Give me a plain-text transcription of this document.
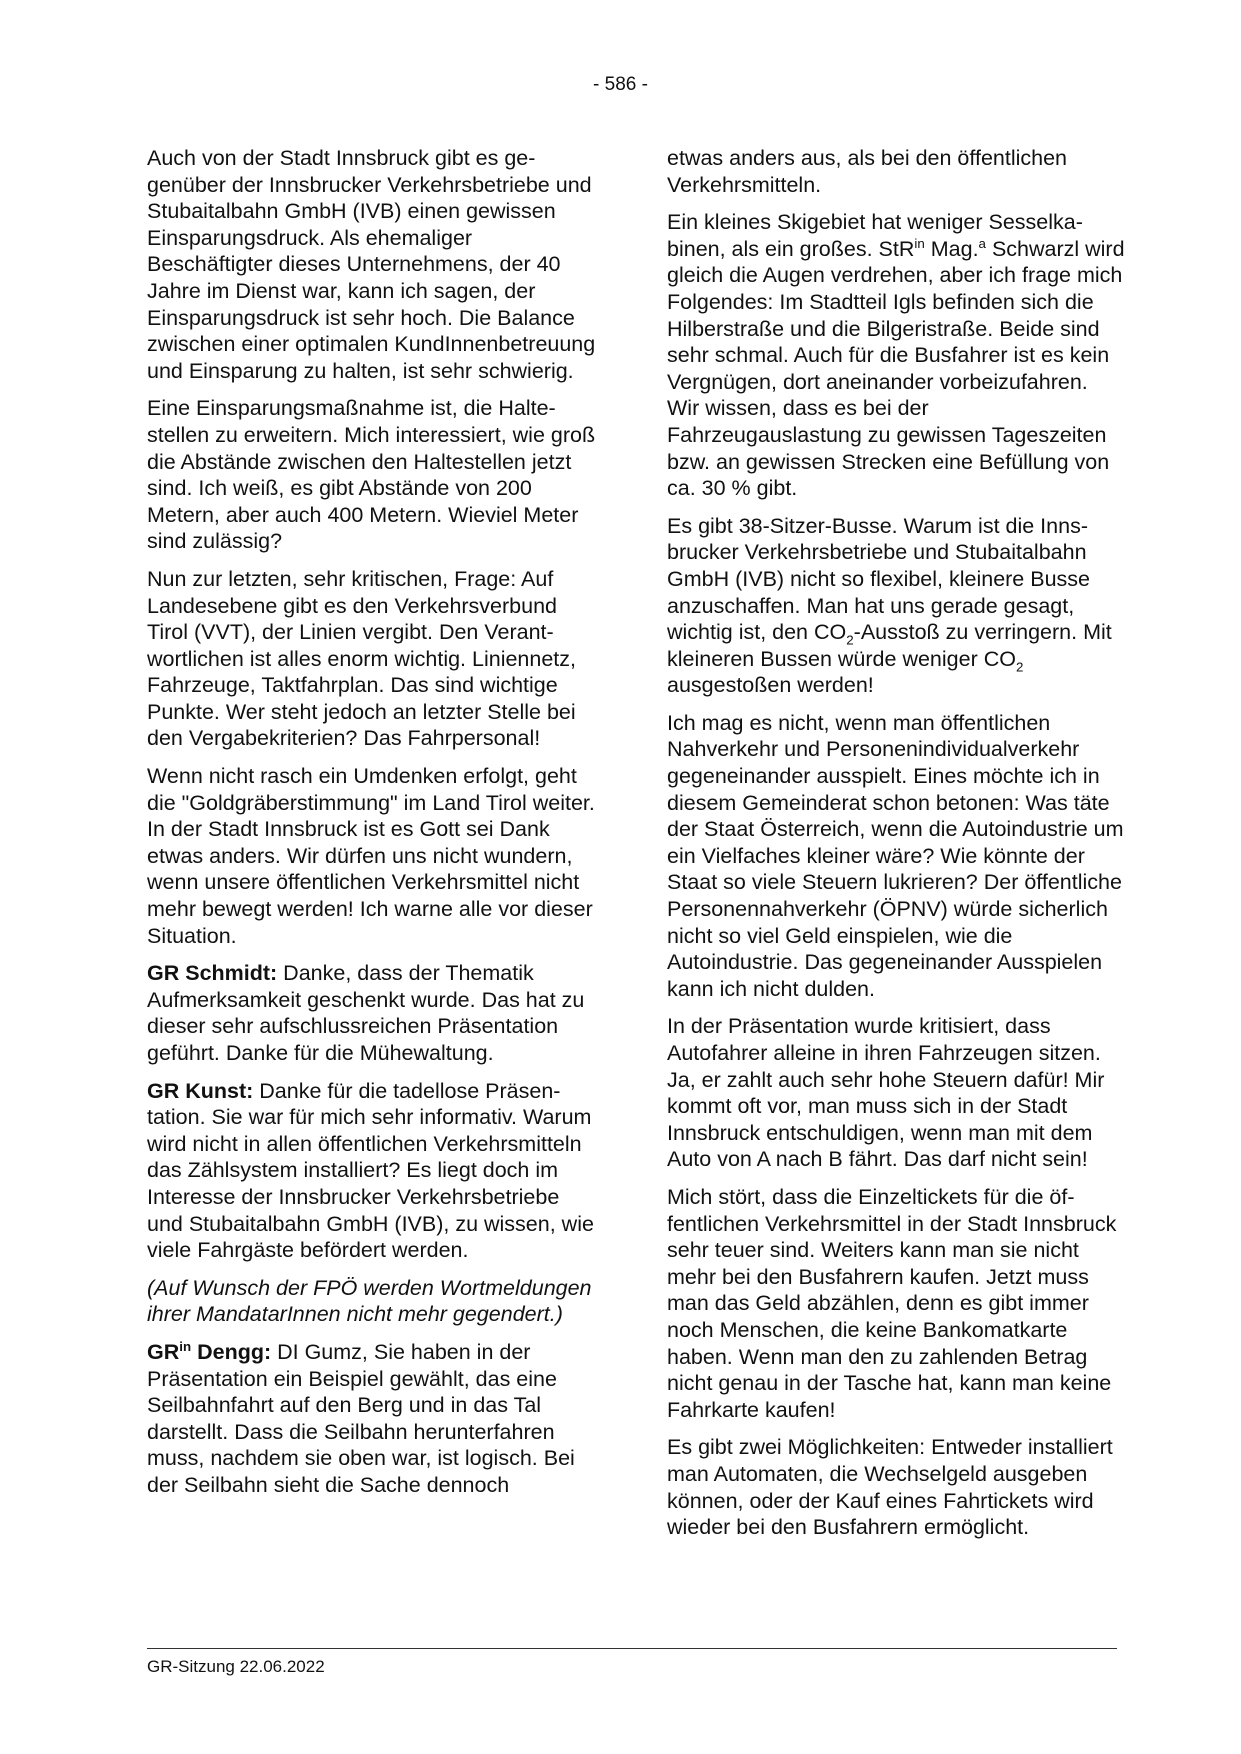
- 586 -

Auch von der Stadt Innsbruck gibt es gegenüber der Innsbrucker Verkehrsbetriebe und Stubaitalbahn GmbH (IVB) einen gewissen Einsparungsdruck. Als ehemaliger Beschäftigter dieses Unternehmens, der 40 Jahre im Dienst war, kann ich sagen, der Einsparungsdruck ist sehr hoch. Die Balance zwischen einer optimalen KundInnenbetreuung und Einsparung zu halten, ist sehr schwierig.

Eine Einsparungsmaßnahme ist, die Haltestellen zu erweitern. Mich interessiert, wie groß die Abstände zwischen den Haltestellen jetzt sind. Ich weiß, es gibt Abstände von 200 Metern, aber auch 400 Metern. Wieviel Meter sind zulässig?

Nun zur letzten, sehr kritischen, Frage: Auf Landesebene gibt es den Verkehrsverbund Tirol (VVT), der Linien vergibt. Den Verantwortlichen ist alles enorm wichtig. Liniennetz, Fahrzeuge, Taktfahrplan. Das sind wichtige Punkte. Wer steht jedoch an letzter Stelle bei den Vergabekriterien? Das Fahrpersonal!

Wenn nicht rasch ein Umdenken erfolgt, geht die "Goldgräberstimmung" im Land Tirol weiter. In der Stadt Innsbruck ist es Gott sei Dank etwas anders. Wir dürfen uns nicht wundern, wenn unsere öffentlichen Verkehrsmittel nicht mehr bewegt werden! Ich warne alle vor dieser Situation.

GR Schmidt: Danke, dass der Thematik Aufmerksamkeit geschenkt wurde. Das hat zu dieser sehr aufschlussreichen Präsentation geführt. Danke für die Mühewaltung.

GR Kunst: Danke für die tadellose Präsentation. Sie war für mich sehr informativ. Warum wird nicht in allen öffentlichen Verkehrsmitteln das Zählsystem installiert? Es liegt doch im Interesse der Innsbrucker Verkehrsbetriebe und Stubaitalbahn GmbH (IVB), zu wissen, wie viele Fahrgäste befördert werden.

(Auf Wunsch der FPÖ werden Wortmeldungen ihrer MandatarInnen nicht mehr gegendert.)

$GR^{in}$ Dengg: DI Gumz, Sie haben in der Präsentation ein Beispiel gewählt, das eine Seilbahnfahrt auf den Berg und in das Tal darstellt. Dass die Seilbahn herunterfahren muss, nachdem sie oben war, ist logisch. Bei der Seilbahn sieht die Sache dennoch

etwas anders aus, als bei den öffentlichen Verkehrsmitteln.

Ein kleines Skigebiet hat weniger Sesselkabinen, als ein großes. StR$^{in}$ Mag.$^a$ Schwarzl wird gleich die Augen verdrehen, aber ich frage mich Folgendes: Im Stadtteil Igls befinden sich die Hilberstraße und die Bilgeristraße. Beide sind sehr schmal. Auch für die Busfahrer ist es kein Vergnügen, dort aneinander vorbeizufahren. Wir wissen, dass es bei der Fahrzeugauslastung zu gewissen Tageszeiten bzw. an gewissen Strecken eine Befüllung von ca. 30 % gibt.

Es gibt 38-Sitzer-Busse. Warum ist die Innsbrucker Verkehrsbetriebe und Stubaitalbahn GmbH (IVB) nicht so flexibel, kleinere Busse anzuschaffen. Man hat uns gerade gesagt, wichtig ist, den $CO_2$-Ausstoß zu verringern. Mit kleineren Bussen würde weniger $CO_2$ ausgestoßen werden!

Ich mag es nicht, wenn man öffentlichen Nahverkehr und Personenindividualverkehr gegeneinander ausspielt. Eines möchte ich in diesem Gemeinderat schon betonen: Was täte der Staat Österreich, wenn die Autoindustrie um ein Vielfaches kleiner wäre? Wie könnte der Staat so viele Steuern lukrieren? Der öffentliche Personennahverkehr (ÖPNV) würde sicherlich nicht so viel Geld einspielen, wie die Autoindustrie. Das gegeneinander Ausspielen kann ich nicht dulden.

In der Präsentation wurde kritisiert, dass Autofahrer alleine in ihren Fahrzeugen sitzen. Ja, er zahlt auch sehr hohe Steuern dafür! Mir kommt oft vor, man muss sich in der Stadt Innsbruck entschuldigen, wenn man mit dem Auto von A nach B fährt. Das darf nicht sein!

Mich stört, dass die Einzeltickets für die öffentlichen Verkehrsmittel in der Stadt Innsbruck sehr teuer sind. Weiters kann man sie nicht mehr bei den Busfahrern kaufen. Jetzt muss man das Geld abzählen, denn es gibt immer noch Menschen, die keine Bankomatkarte haben. Wenn man den zu zahlenden Betrag nicht genau in der Tasche hat, kann man keine Fahrkarte kaufen!

Es gibt zwei Möglichkeiten: Entweder installiert man Automaten, die Wechselgeld ausgeben können, oder der Kauf eines Fahrtickets wird wieder bei den Busfahrern ermöglicht.

GR-Sitzung 22.06.2022
